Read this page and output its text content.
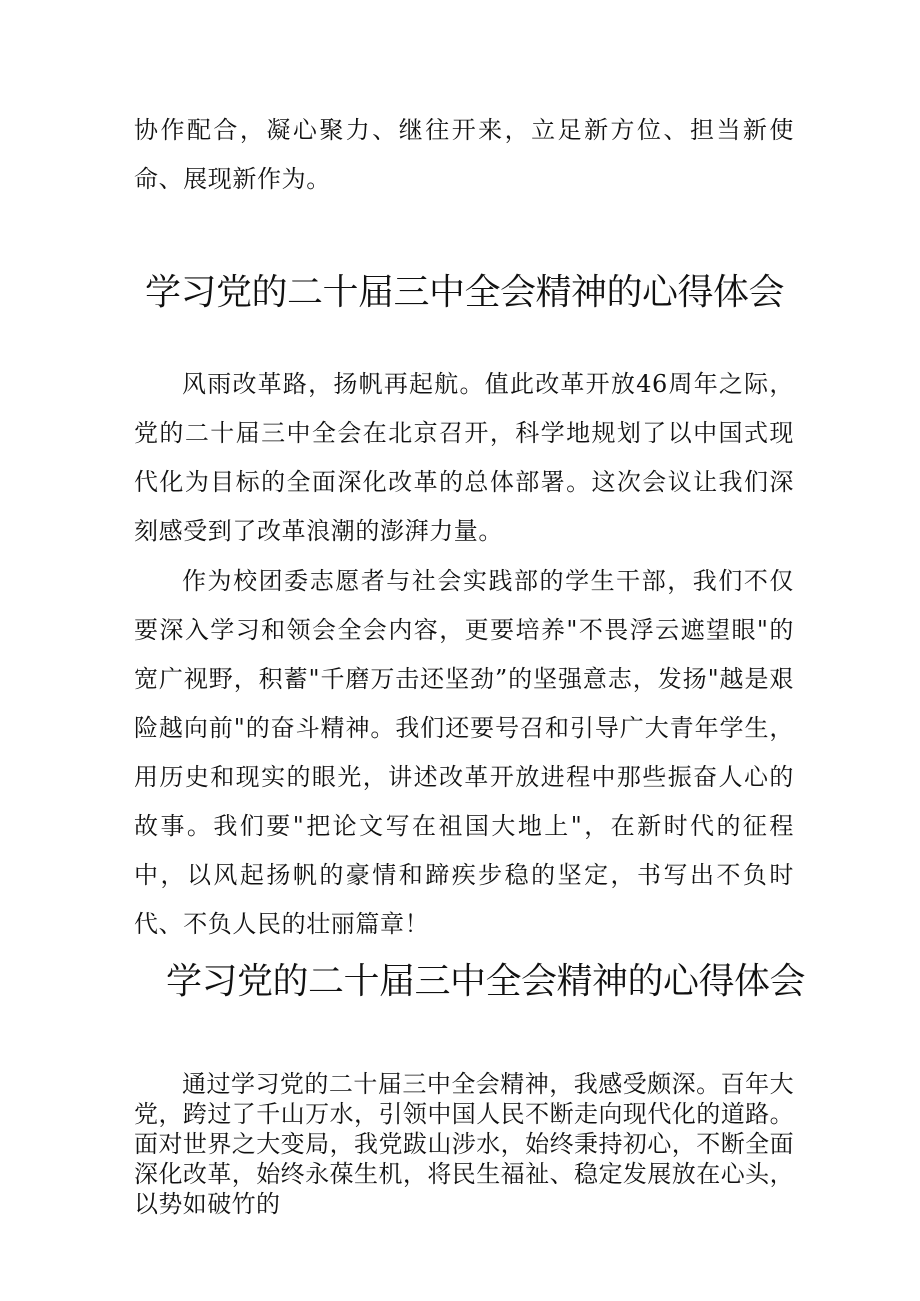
协作配合，凝心聚力、继往开来，立足新方位、担当新使命、展现新作为。

学习党的二十届三中全会精神的心得体会

风雨改革路，扬帆再起航。值此改革开放46周年之际，党的二十届三中全会在北京召开，科学地规划了以中国式现代化为目标的全面深化改革的总体部署。这次会议让我们深刻感受到了改革浪潮的澎湃力量。

作为校团委志愿者与社会实践部的学生干部，我们不仅要深入学习和领会全会内容，更要培养"不畏浮云遮望眼"的宽广视野，积蓄"千磨万击还坚劲”的坚强意志，发扬"越是艰险越向前"的奋斗精神。我们还要号召和引导广大青年学生，用历史和现实的眼光，讲述改革开放进程中那些振奋人心的故事。我们要"把论文写在祖国大地上"，在新时代的征程中，以风起扬帆的豪情和蹄疾步稳的坚定，书写出不负时代、不负人民的壮丽篇章！

学习党的二十届三中全会精神的心得体会

通过学习党的二十届三中全会精神，我感受颇深。百年大党，跨过了千山万水，引领中国人民不断走向现代化的道路。面对世界之大变局，我党跋山涉水，始终秉持初心，不断全面深化改革，始终永葆生机，将民生福祉、稳定发展放在心头，以势如破竹的
